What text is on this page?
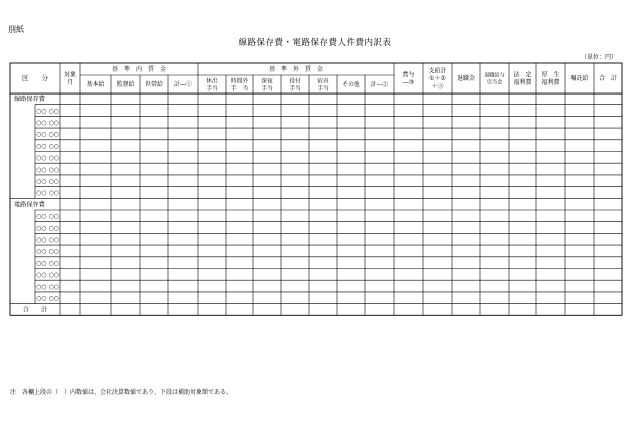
別紙
線路保存費・電路保存費人件費内訳表
（単位：円）
区　　分	対象
月
基　準　内　賃　金
基本給 監督給 世帯給 計―①
基　準　外　賃　金
休出
手当
時間外
手　当
深夜
手当
役付
手当
宿直
手当
その他 計―②
賞与
―③
支給計
①＋②
＋③
退職金 退職給与
引当金
法　定
福利費
厚　生
福利費
嘱託給 合　計
線路保存費
○○ ○○
○○ ○○
○○ ○○
○○ ○○
○○ ○○
○○ ○○
○○ ○○
○○ ○○
電路保存費
○○ ○○
○○ ○○
○○ ○○
○○ ○○
○○ ○○
○○ ○○
○○ ○○
○○ ○○
合　　計
注　各欄上段の（　）内数値は、会社決算数値であり、下段は補助対象額である。
